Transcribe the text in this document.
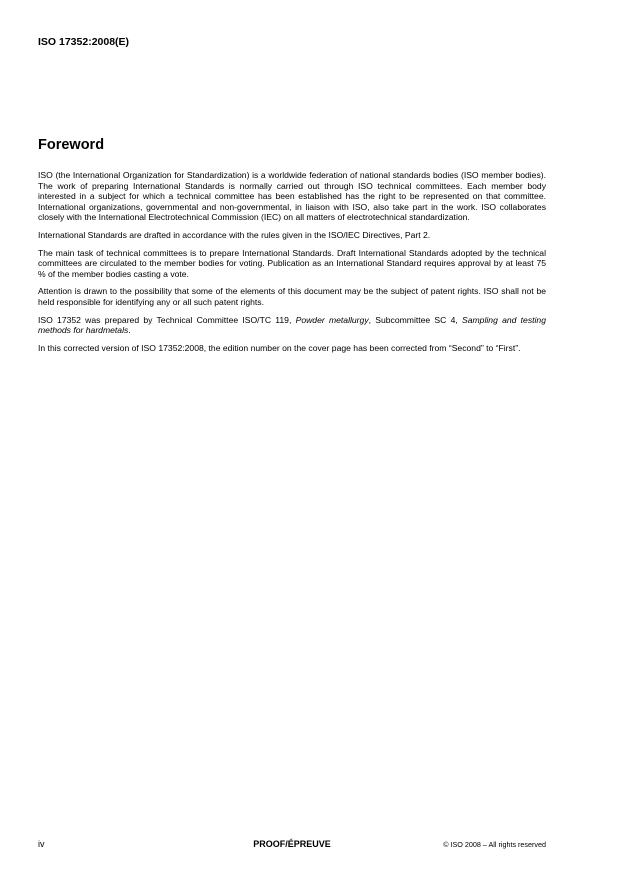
ISO 17352:2008(E)
Foreword

ISO (the International Organization for Standardization) is a worldwide federation of national standards bodies (ISO member bodies). The work of preparing International Standards is normally carried out through ISO technical committees. Each member body interested in a subject for which a technical committee has been established has the right to be represented on that committee. International organizations, governmental and non-governmental, in liaison with ISO, also take part in the work. ISO collaborates closely with the International Electrotechnical Commission (IEC) on all matters of electrotechnical standardization.

International Standards are drafted in accordance with the rules given in the ISO/IEC Directives, Part 2.

The main task of technical committees is to prepare International Standards. Draft International Standards adopted by the technical committees are circulated to the member bodies for voting. Publication as an International Standard requires approval by at least 75 % of the member bodies casting a vote.

Attention is drawn to the possibility that some of the elements of this document may be the subject of patent rights. ISO shall not be held responsible for identifying any or all such patent rights.

ISO 17352 was prepared by Technical Committee ISO/TC 119, Powder metallurgy, Subcommittee SC 4, Sampling and testing methods for hardmetals.

In this corrected version of ISO 17352:2008, the edition number on the cover page has been corrected from “Second” to “First”.

iv	PROOF/ÉPREUVE	© ISO 2008 – All rights reserved
